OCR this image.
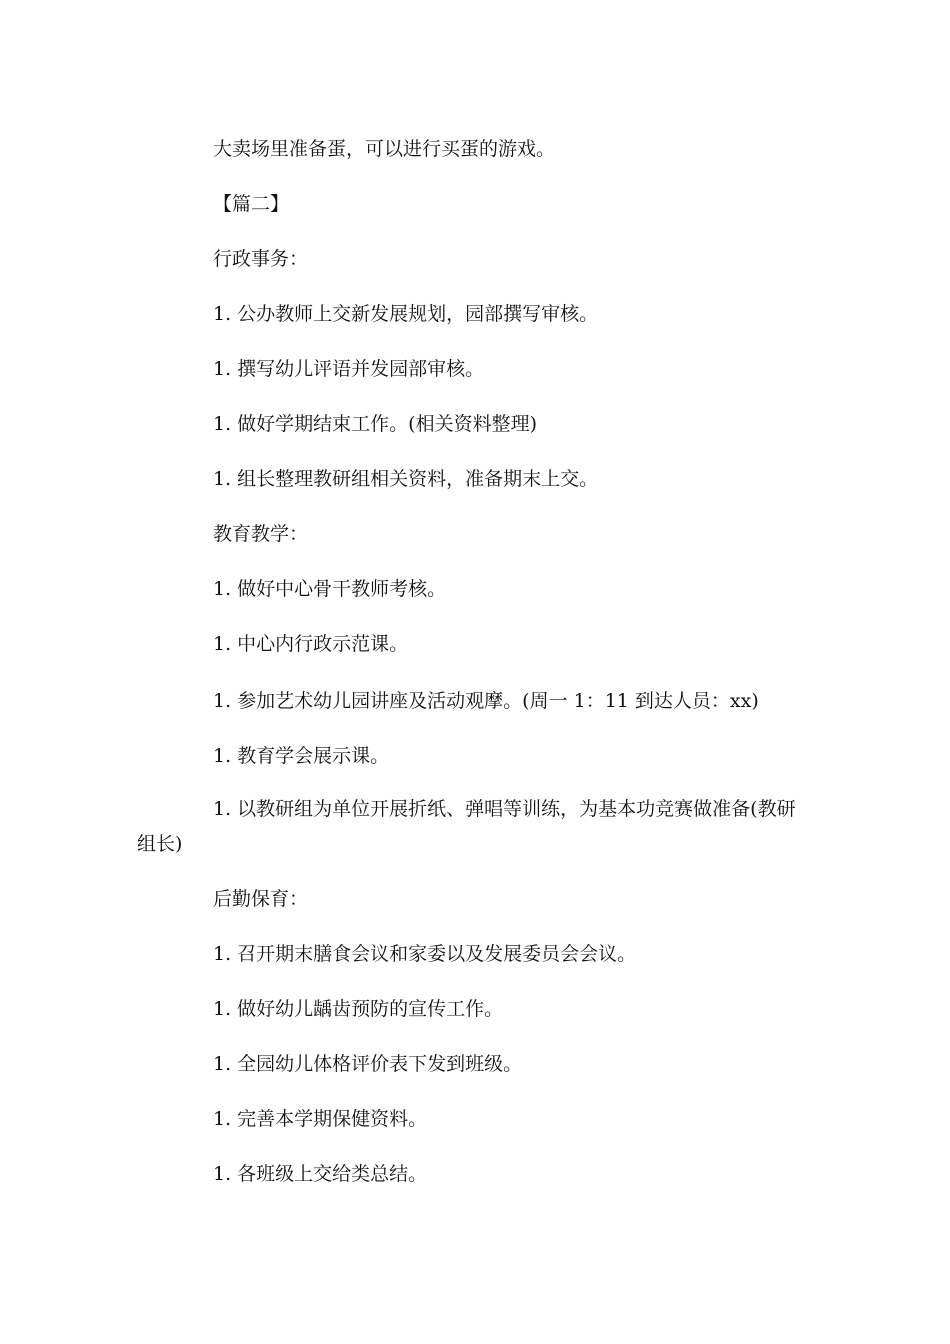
大卖场里准备蛋，可以进行买蛋的游戏。
【篇二】
行政事务：
1. 公办教师上交新发展规划，园部撰写审核。
1. 撰写幼儿评语并发园部审核。
1. 做好学期结束工作。(相关资料整理)
1. 组长整理教研组相关资料，准备期末上交。
教育教学：
1. 做好中心骨干教师考核。
1. 中心内行政示范课。
1. 参加艺术幼儿园讲座及活动观摩。(周一 1：11 到达人员：xx)
1. 教育学会展示课。
1. 以教研组为单位开展折纸、弹唱等训练，为基本功竞赛做准备(教研
组长)
后勤保育：
1. 召开期末膳食会议和家委以及发展委员会会议。
1. 做好幼儿龋齿预防的宣传工作。
1. 全园幼儿体格评价表下发到班级。
1. 完善本学期保健资料。
1. 各班级上交给类总结。
